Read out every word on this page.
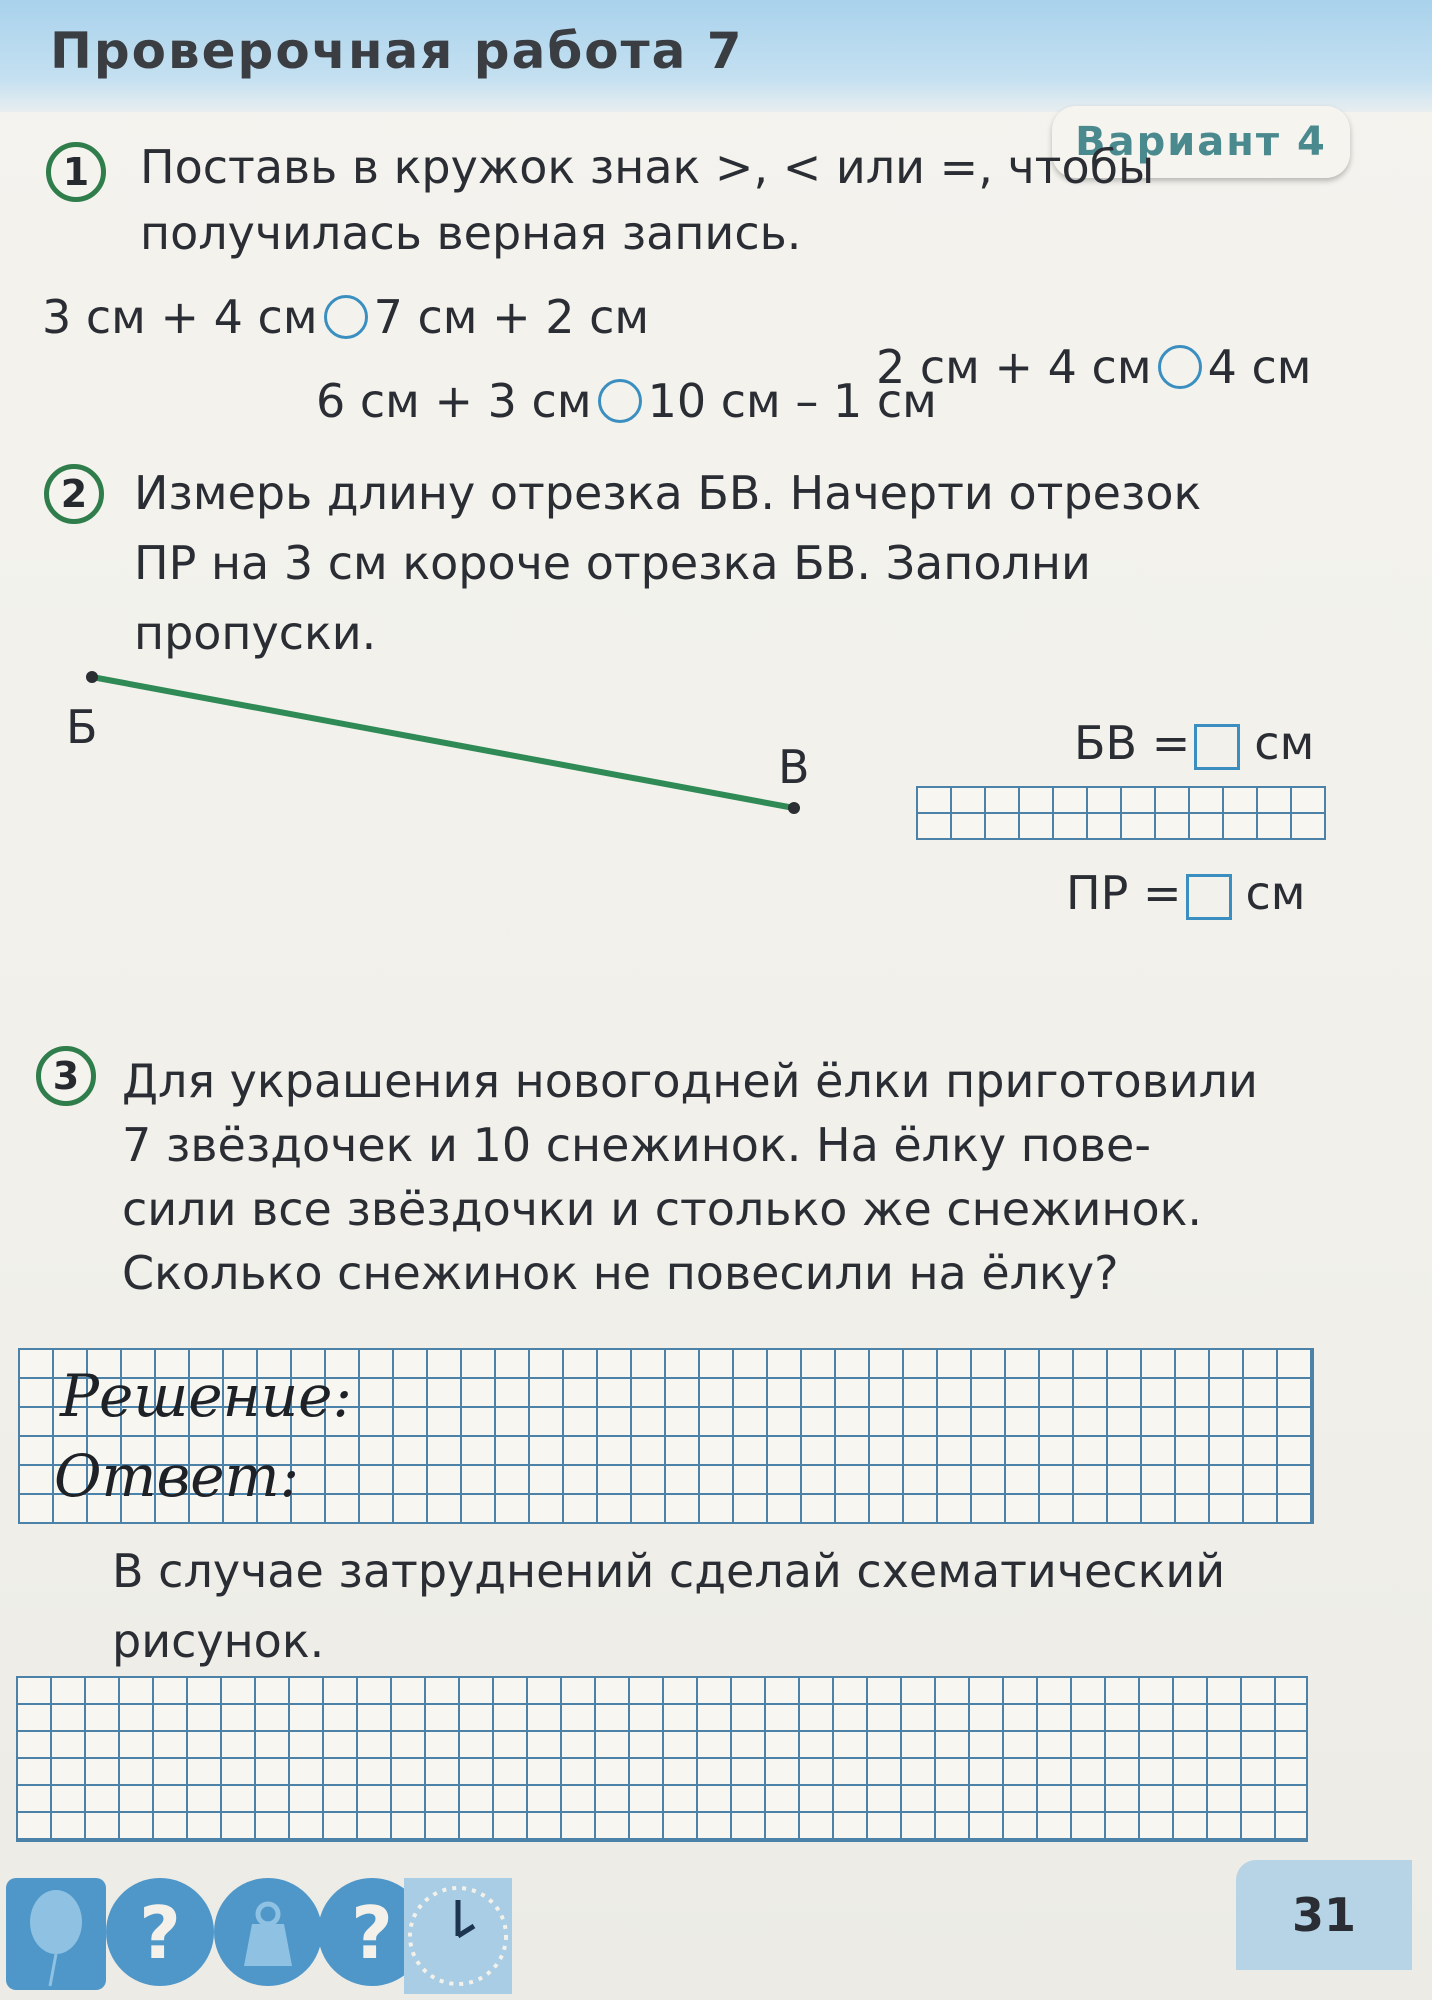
Проверочная работа 7
Вариант 4
1	Поставь в кружок знак >, < или =, чтобы
получилась верная запись.
3 см + 4 см 7 см + 2 см
2 см + 4 см 4 см
6 см + 3 см 10 см – 1 см
2	Измерь длину отрезка БВ. Начерти отрезок
ПР на 3 см короче отрезка БВ. Заполни
пропуски.
Б
В	БВ = см
ПР = см
3 Для украшения новогодней ёлки приготовили
7 звёздочек и 10 снежинок. На ёлку пове-
сили все звёздочки и столько же снежинок.
Сколько снежинок не повесили на ёлку?
Решение:
Ответ:
В случае затруднений сделай схематический
рисунок.
? ?	31
